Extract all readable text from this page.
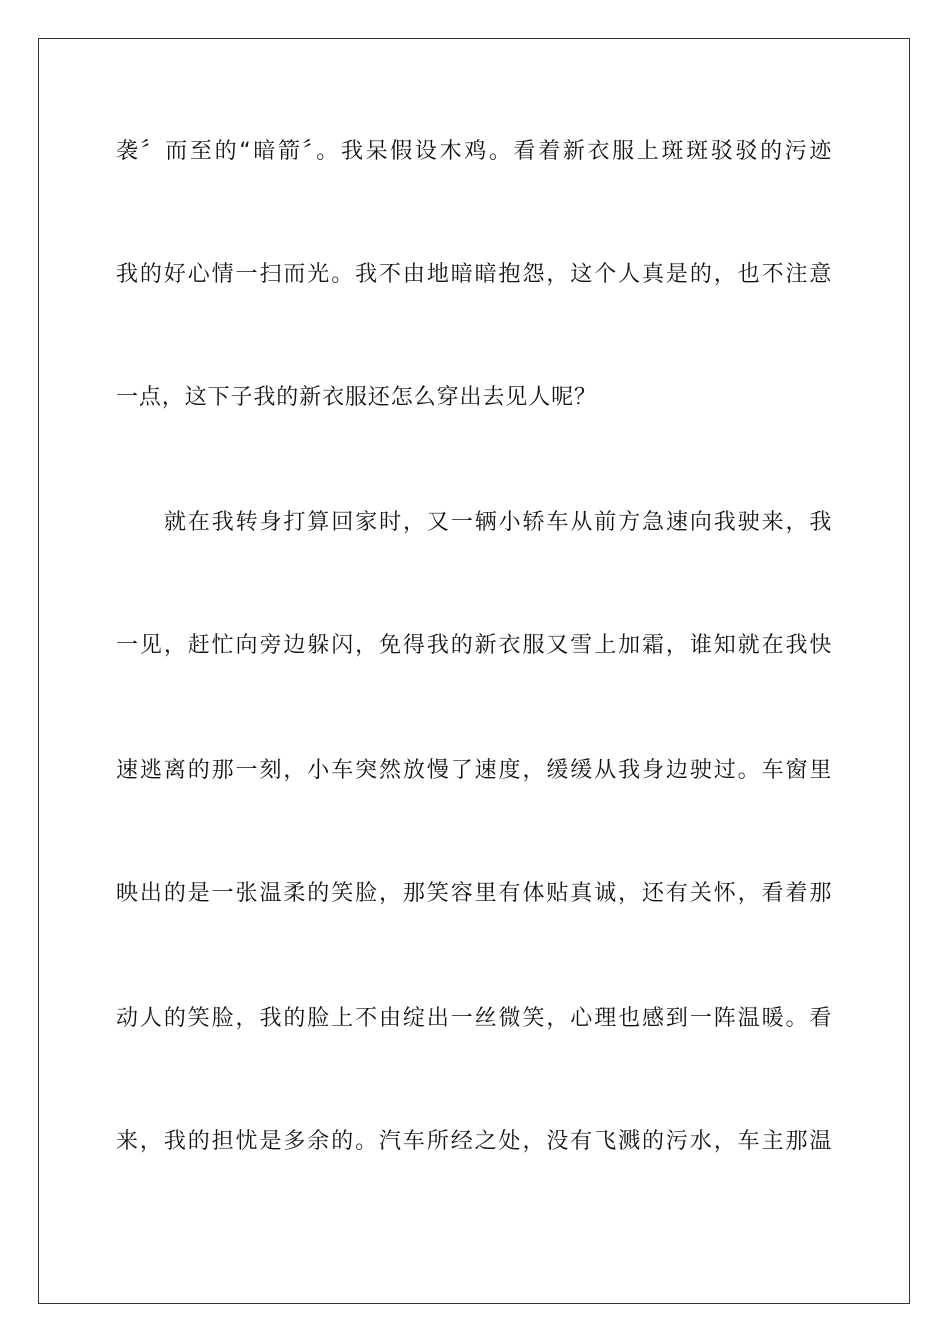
袭〞而至的“暗箭〞。我呆假设木鸡。看着新衣服上斑斑驳驳的污迹
我的好心情一扫而光。我不由地暗暗抱怨，这个人真是的，也不注意
一点，这下子我的新衣服还怎么穿出去见人呢？
就在我转身打算回家时，又一辆小轿车从前方急速向我驶来，我
一见，赶忙向旁边躲闪，免得我的新衣服又雪上加霜，谁知就在我快
速逃离的那一刻，小车突然放慢了速度，缓缓从我身边驶过。车窗里
映出的是一张温柔的笑脸，那笑容里有体贴真诚，还有关怀，看着那
动人的笑脸，我的脸上不由绽出一丝微笑，心理也感到一阵温暖。看
来，我的担忧是多余的。汽车所经之处，没有飞溅的污水，车主那温
